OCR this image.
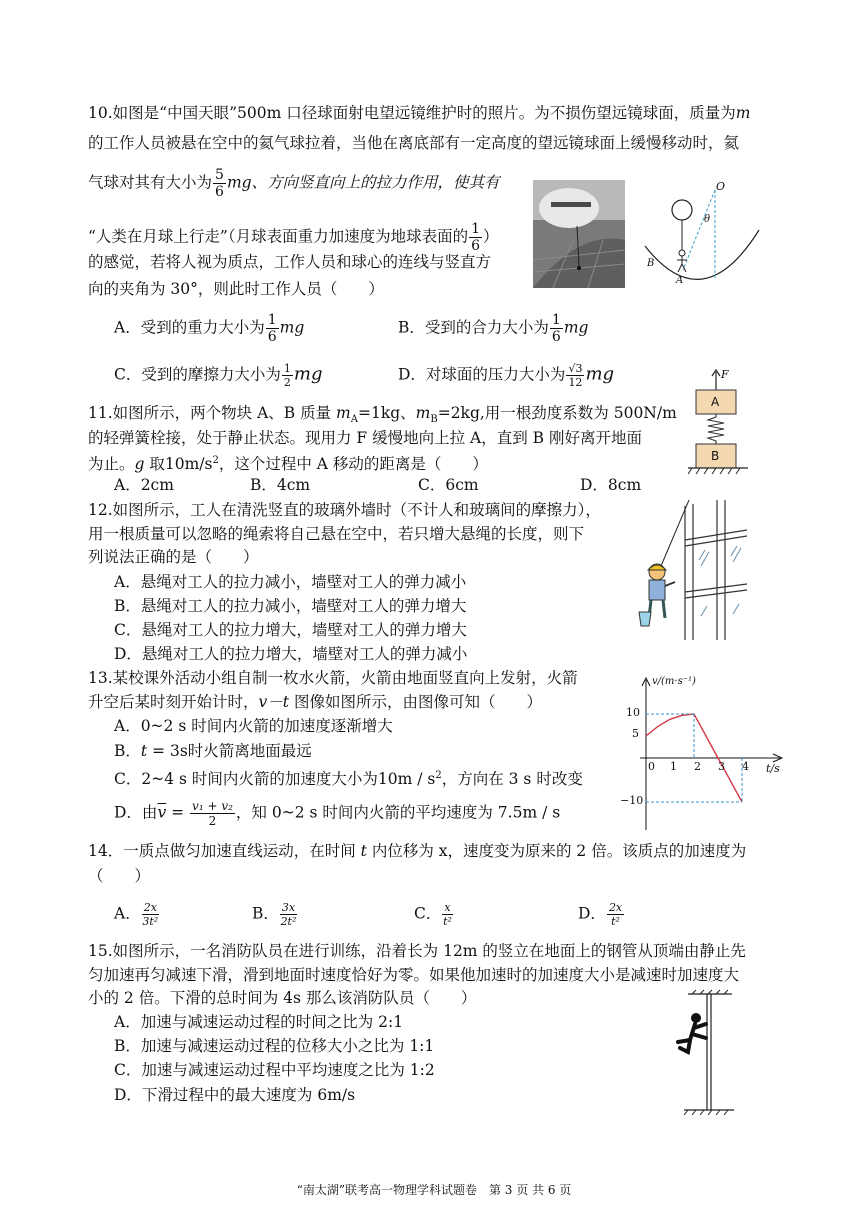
10.如图是“中国天眼”500m 口径球面射电望远镜维护时的照片。为不损伤望远镜球面，质量为m
的工作人员被悬在空中的氦气球拉着，当他在离底部有一定高度的望远镜球面上缓慢移动时，氦
气球对其有大小为 $\frac{5}{6}$ mg、方向竖直向上的拉力作用，使其有
“人类在月球上行走”（月球表面重力加速度为地球表面的 $\frac{1}{6}$ ）
的感觉，若将人视为质点，工作人员和球心的连线与竖直方
向的夹角为 30°，则此时工作人员（　　）
A．受到的重力大小为 $\frac{1}{6}$ mg	B．受到的合力大小为 $\frac{1}{6}$ mg
C．受到的摩擦力大小为 $\frac{1}{2}$ mg	D．对球面的压力大小为 $\frac{√3}{12}$ mg
O
θ
B
A
11.如图所示，两个物块 A、B 质量 $m_A=1kg$、$m_B=2kg$,用一根劲度系数为 500N/m
的轻弹簧栓接，处于静止状态。现用力 F 缓慢地向上拉 A，直到 B 刚好离开地面
为止。g 取$10m/s^2$，这个过程中 A 移动的距离是（　　）
A．2cm	B．4cm	C．6cm	D．8cm
F
A
B
12.如图所示，工人在清洗竖直的玻璃外墙时（不计人和玻璃间的摩擦力），
用一根质量可以忽略的绳索将自己悬在空中，若只增大悬绳的长度，则下
列说法正确的是（　　）
A．悬绳对工人的拉力减小，墙壁对工人的弹力减小
B．悬绳对工人的拉力减小，墙壁对工人的弹力增大
C．悬绳对工人的拉力增大，墙壁对工人的弹力增大
D．悬绳对工人的拉力增大，墙壁对工人的弹力减小
13.某校课外活动小组自制一枚水火箭，火箭由地面竖直向上发射，火箭
升空后某时刻开始计时，v－t 图像如图所示，由图像可知（　　）
A．0~2 s 时间内火箭的加速度逐渐增大
B．t = 3s时火箭离地面最远
C．2~4 s 时间内火箭的加速度大小为$10m / s^2$，方向在 3 s 时改变
D．由$\overline{v} = \frac{\text{v₁ + v₂}}{2}$ ，知 0~2 s 时间内火箭的平均速度为 7.5m / s
v/(m·s⁻¹)
t/s
10
5
−10
0 1 2 3 4
14．一质点做匀加速直线运动，在时间 t 内位移为 x，速度变为原来的 2 倍。该质点的加速度为
（　　）
A． $\frac{2x}{\text{3t²}}$	B． $\frac{3x}{\text{2t²}}$	C． $\frac{x}{\text{t²}}$	D． $\frac{2x}{\text{t²}}$
15.如图所示，一名消防队员在进行训练，沿着长为 12m 的竖立在地面上的钢管从顶端由静止先
匀加速再匀减速下滑，滑到地面时速度恰好为零。如果他加速时的加速度大小是减速时加速度大
小的 2 倍。下滑的总时间为 4s 那么该消防队员（　　）
A．加速与减速运动过程的时间之比为 2:1
B．加速与减速运动过程的位移大小之比为 1:1
C．加速与减速运动过程中平均速度之比为 1:2
D．下滑过程中的最大速度为 6m/s
“南太湖”联考高一物理学科试题卷　第 3 页 共 6 页
